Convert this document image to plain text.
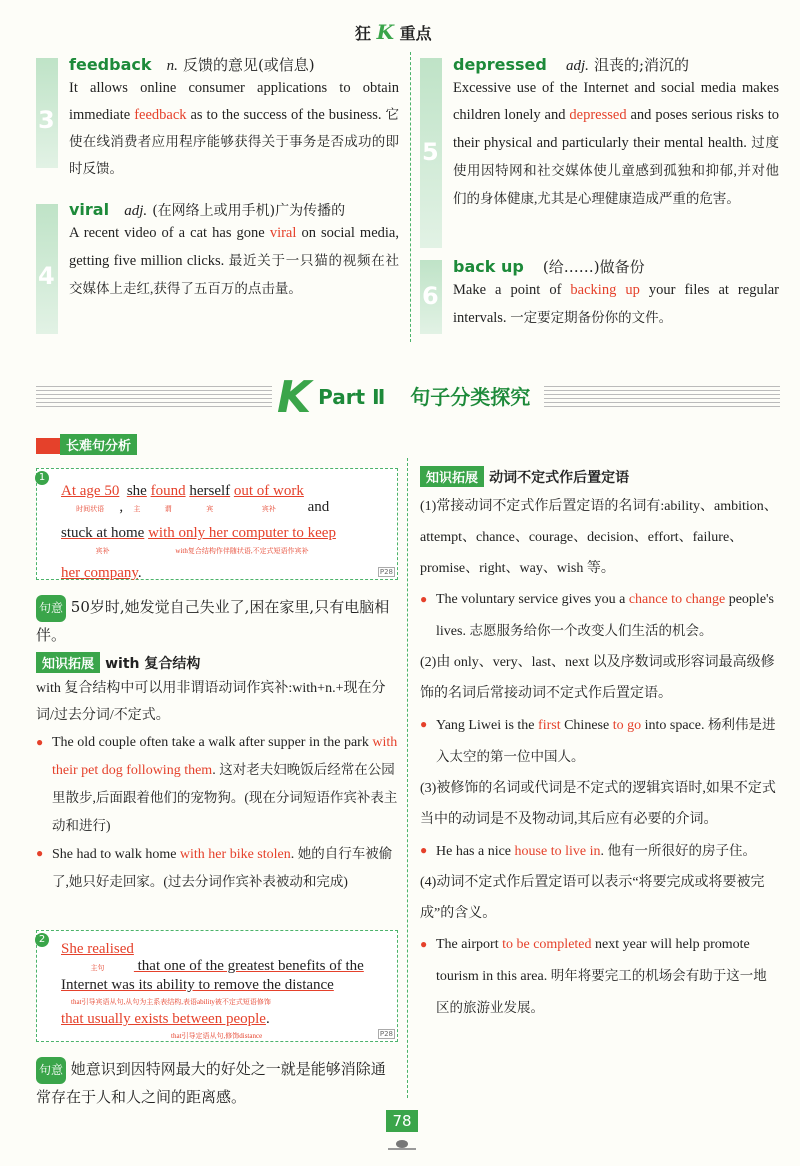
狂 K 重点
3
feedback n. 反馈的意见(或信息)
It allows online consumer applications to obtain immediate feedback as to the success of the business. 它使在线消费者应用程序能够获得关于事务是否成功的即时反馈。
4
viral adj. (在网络上或用手机)广为传播的
A recent video of a cat has gone viral on social media, getting five million clicks. 最近关于一只猫的视频在社交媒体上走红,获得了五百万的点击量。
5
depressed adj. 沮丧的;消沉的
Excessive use of the Internet and social media makes children lonely and depressed and poses serious risks to their physical and particularly their mental health. 过度使用因特网和社交媒体使儿童感到孤独和抑郁,并对他们的身体健康,尤其是心理健康造成严重的危害。
6
back up (给……)做备份
Make a point of backing up your files at regular intervals. 一定要定期备份你的文件。
K Part Ⅱ 句子分类探究
长难句分析
1
At age 50
时间状语 , she
主 found
谓 herself
宾 out of work
宾补 and
stuck at home
宾补 with only her computer to keep
with复合结构作伴随状语,不定式短语作宾补
her company.	P28
句意 50岁时,她发觉自己失业了,困在家里,只有电脑相伴。
知识拓展 with 复合结构
with 复合结构中可以用非谓语动词作宾补:with+n.+现在分词/过去分词/不定式。
● The old couple often take a walk after supper in the park with their pet dog following them. 这对老夫妇晚饭后经常在公园里散步,后面跟着他们的宠物狗。(现在分词短语作宾补表主动和进行)
● She had to walk home with her bike stolen. 她的自行车被偷了,她只好走回家。(过去分词作宾补表被动和完成)
2
She realised
主句 that one of the greatest benefits of the Internet was its ability to remove the distance
that引导宾语从句,从句为主系表结构,表语ability被不定式短语修饰
that usually exists between people.
that引导定语从句,修饰distance	P28
句意 她意识到因特网最大的好处之一就是能够消除通常存在于人和人之间的距离感。
知识拓展 动词不定式作后置定语
(1)常接动词不定式作后置定语的名词有:ability、ambition、attempt、chance、courage、decision、effort、failure、promise、right、way、wish 等。
● The voluntary service gives you a chance to change people's lives. 志愿服务给你一个改变人们生活的机会。
(2)由 only、very、last、next 以及序数词或形容词最高级修饰的名词后常接动词不定式作后置定语。
● Yang Liwei is the first Chinese to go into space. 杨利伟是进入太空的第一位中国人。
(3)被修饰的名词或代词是不定式的逻辑宾语时,如果不定式当中的动词是不及物动词,其后应有必要的介词。
● He has a nice house to live in. 他有一所很好的房子住。
(4)动词不定式作后置定语可以表示“将要完成或将要被完成”的含义。
● The airport to be completed next year will help promote tourism in this area. 明年将要完工的机场会有助于这一地区的旅游业发展。
78
